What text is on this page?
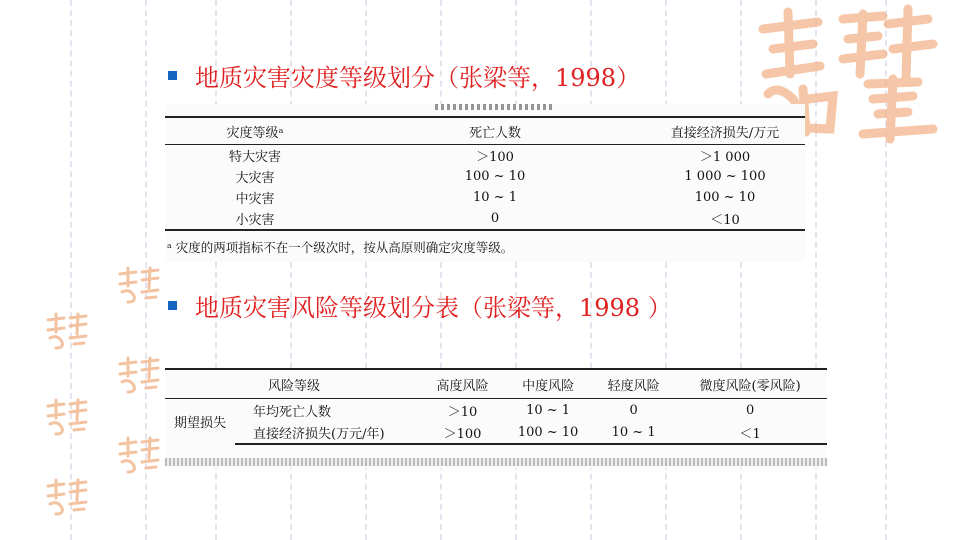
地质灾害灾度等级划分（张梁等，1998）
灾度等级ᵃ	死亡人数	直接经济损失/万元
特大灾害	＞100	＞1 000
大灾害	100 ~ 10	1 000 ~ 100
中灾害	10 ~ 1	100 ~ 10
小灾害	0	＜10
ᵃ 灾度的两项指标不在一个级次时，按从高原则确定灾度等级。
地质灾害风险等级划分表（张梁等，1998 ）
风险等级		高度风险	中度风险	轻度风险	微度风险(零风险)
期望损失	年均死亡人数	＞10	10 ~ 1	0	0
	直接经济损失(万元/年)	＞100	100 ~ 10	10 ~ 1	＜1
